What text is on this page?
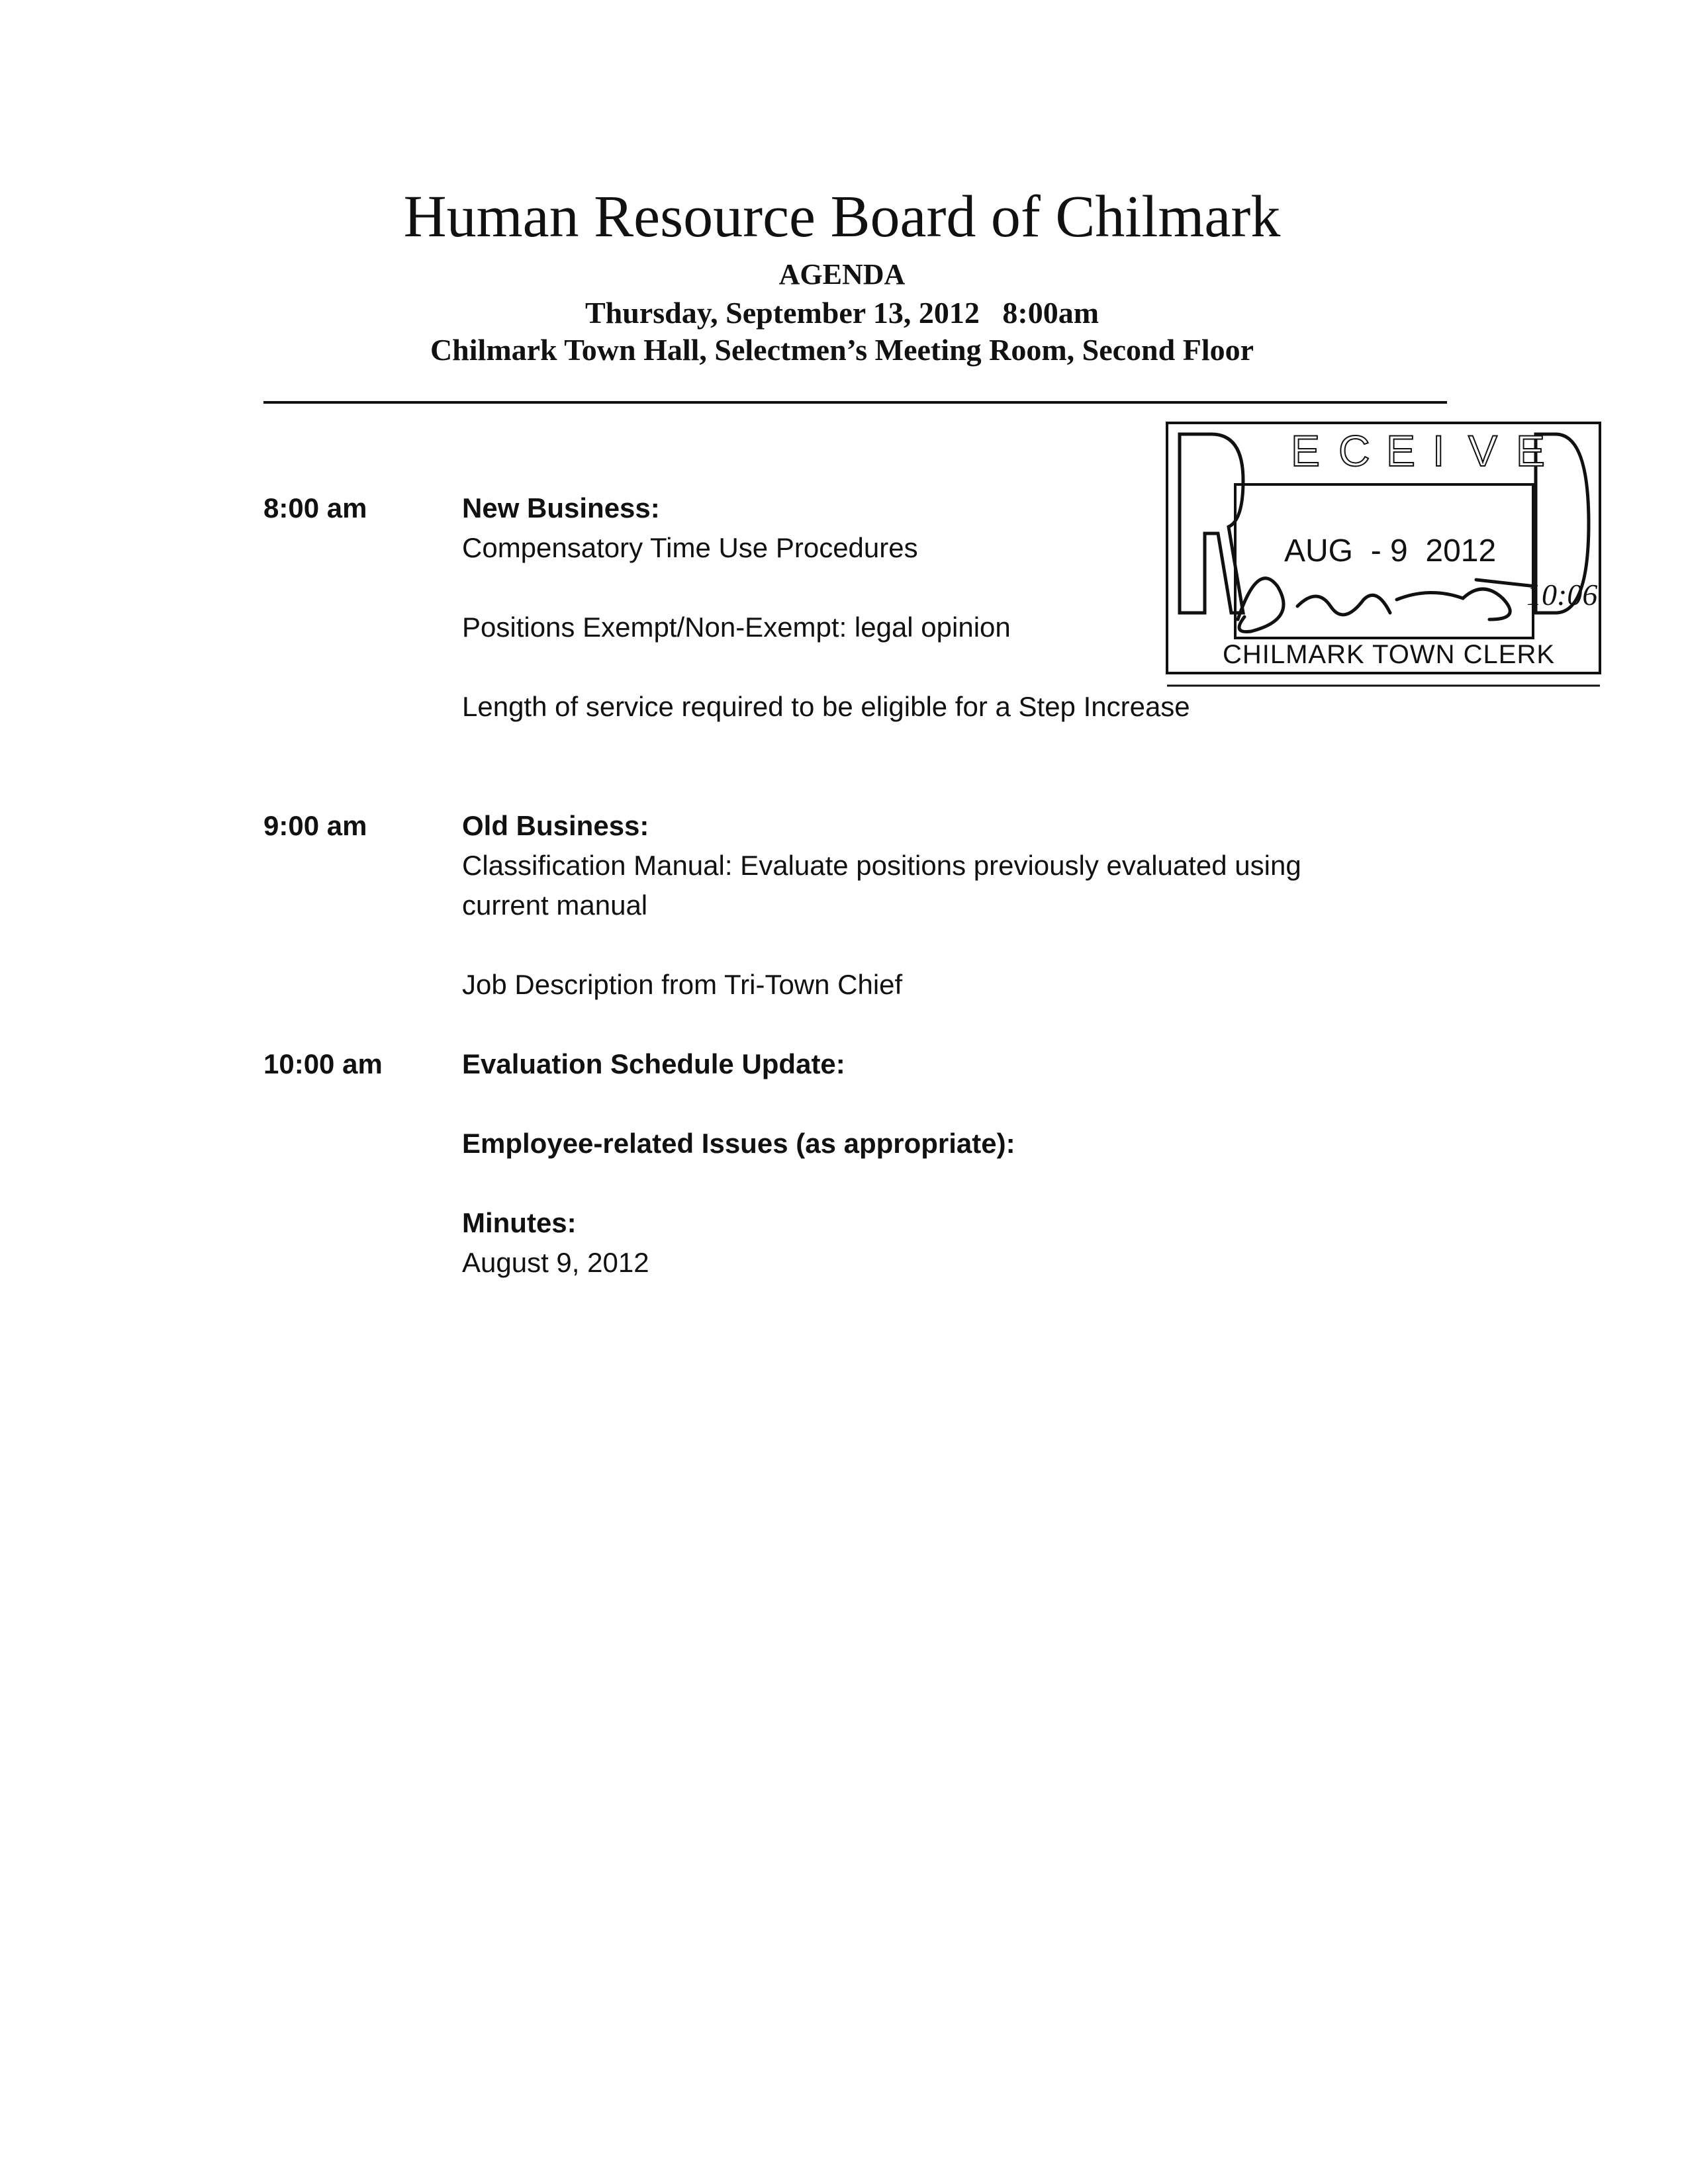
Human Resource Board of Chilmark
AGENDA
Thursday, September 13, 2012   8:00am
Chilmark Town Hall, Selectmen’s Meeting Room, Second Floor
8:00 am	New Business:
Compensatory Time Use Procedures
Positions Exempt/Non-Exempt: legal opinion
Length of service required to be eligible for a Step Increase
9:00 am	Old Business:
Classification Manual: Evaluate positions previously evaluated using
current manual
Job Description from Tri-Town Chief
10:00 am	Evaluation Schedule Update:
Employee-related Issues (as appropriate):
Minutes:
August 9, 2012
E C E I V E
AUG  - 9  2012
CHILMARK TOWN CLERK
10:06
